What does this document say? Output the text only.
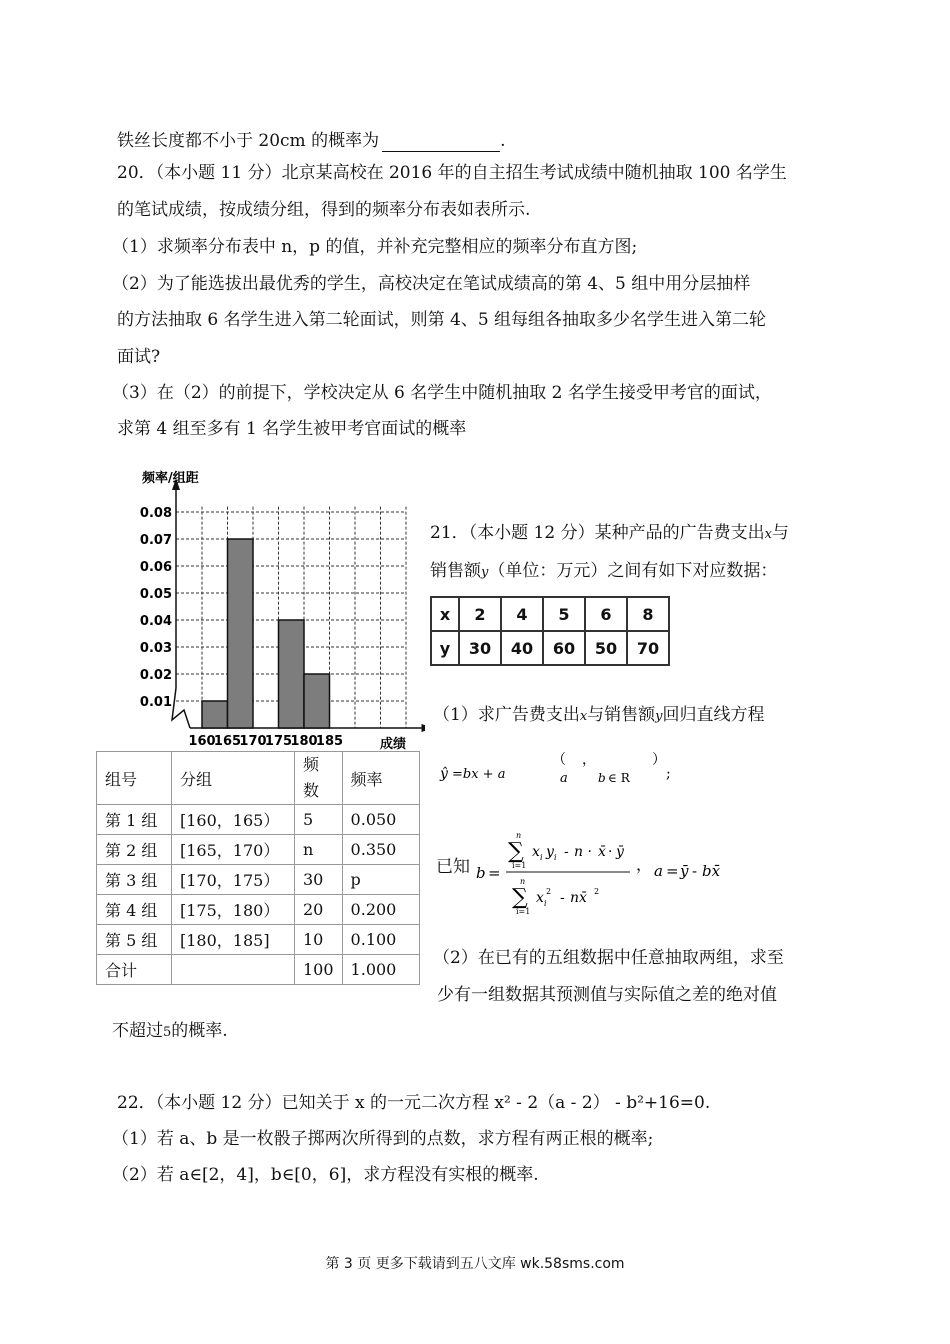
铁丝长度都不小于 20cm 的概率为	.
20．（本小题 11 分）北京某高校在 2016 年的自主招生考试成绩中随机抽取 100 名学生
的笔试成绩，按成绩分组，得到的频率分布表如表所示.
（1）求频率分布表中 n，p 的值，并补充完整相应的频率分布直方图;
（2）为了能选拔出最优秀的学生，高校决定在笔试成绩高的第 4、5 组中用分层抽样
的方法抽取 6 名学生进入第二轮面试，则第 4、5 组每组各抽取多少名学生进入第二轮
面试?
（3）在（2）的前提下，学校决定从 6 名学生中随机抽取 2 名学生接受甲考官的面试，
求第 4 组至多有 1 名学生被甲考官面试的概率
0.01
0.02
0.03
0.04
0.05
0.06
0.07
0.08
160
165
170
175
180
185
频率/组距
成绩
组号	分组	频数	频率
第 1 组	[160，165）	5	0.050
第 2 组	[165，170）	n	0.350
第 3 组	[170，175）	30	p
第 4 组	[175，180）	20	0.200
第 5 组	[180，185]	10	0.100
合计		100	1.000
21．（本小题 12 分）某种产品的广告费支出x与
销售额y（单位：万元）之间有如下对应数据：
x	2	4	5	6	8
y	30	40	60	50	70
（1）求广告费支出x与销售额y回归直线方程
ŷ =bx + a
（
a
，
b ∈ R
）
;
已知 b =
n
∑
i=1
x i y i - n · x̄ · ȳ
n
∑
i=1
x i
2 - nx̄ 2
， a = ȳ - bx̄
（2）在已有的五组数据中任意抽取两组，求至
少有一组数据其预测值与实际值之差的绝对值
不超过5的概率.
22．（本小题 12 分）已知关于 x 的一元二次方程 x² - 2（a - 2） - b²+16=0.
（1）若 a、b 是一枚骰子掷两次所得到的点数，求方程有两正根的概率;
（2）若 a∈[2，4]，b∈[0，6]，求方程没有实根的概率.
第 3 页 更多下载请到五八文库 wk.58sms.com
